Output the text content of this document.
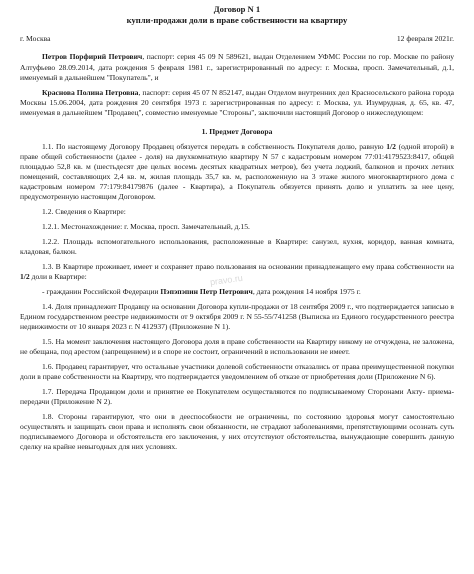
Договор N 1
купли-продажи доли в праве собственности на квартиру
г. Москва	12 февраля 2021г.

Петров Порфирий Петрович, паспорт: серия 45 09 N 589621, выдан Отделением УФМС России по гор. Москве по району Алтуфьево 28.09.2014, дата рождения 5 февраля 1981 г., зарегистрированный по адресу: г. Москва, просп. Замечательный, д.1, именуемый в дальнейшем "Покупатель", и

Краснова Полина Петровна, паспорт: серия 45 07 N 852147, выдан Отделом внутренних дел Красносельского района города Москвы 15.06.2004, дата рождения 20 сентября 1973 г. зарегистрированная по адресу: г. Москва, ул. Изумрудная, д. 65, кв. 47, именуемая в дальнейшем "Продавец", совместно именуемые "Стороны", заключили настоящий Договор о нижеследующем:

1. Предмет Договора

1.1. По настоящему Договору Продавец обязуется передать в собственность Покупателя долю, равную 1/2 (одной второй) в праве общей собственности (далее - доля) на двухкомнатную квартиру N 57 с кадастровым номером 77:01:4179523:8417, общей площадью 52,8 кв. м (шестьдесят две целых восемь десятых квадратных метров), без учета лоджий, балконов и прочих летних помещений, составляющих 2,4 кв. м, жилая площадь 35,7 кв. м, расположенную на 3 этаже жилого многоквартирного дома с кадастровым номером 77:179:84179876 (далее - Квартира), а Покупатель обязуется принять долю и уплатить за нее цену, предусмотренную настоящим Договором.

1.2. Сведения о Квартире:

1.2.1. Местонахождение: г. Москва, просп. Замечательный, д.15.

1.2.2. Площадь вспомогательного использования, расположенные в Квартире: санузел, кухня, коридор, ванная комната, кладовая, балкон.

1.3. В Квартире проживает, имеет и сохраняет право пользования на основании принадлежащего ему права собственности на 1/2 доли в Квартире:

- гражданин Российской Федерации Пэпэпэпин Петр Петрович, дата рождения 14 ноября 1975 г.

1.4. Доля принадлежит Продавцу на основании Договора купли-продажи от 18 сентября 2009 г., что подтверждается записью в Едином государственном реестре недвижимости от 9 октября 2009 г. N 55-55/741258 (Выписка из Единого государственного реестра недвижимости от 10 января 2023 г. N 412937) (Приложение N 1).

1.5. На момент заключения настоящего Договора доля в праве собственности на Квартиру никому не отчуждена, не заложена, не обещана, под арестом (запрещением) и в споре не состоит, ограничений в использовании не имеет.

1.6. Продавец гарантирует, что остальные участники долевой собственности отказались от права преимущественной покупки доли в праве собственности на Квартиру, что подтверждается уведомлением об отказе от приобретения доли (Приложение N 6).

1.7. Передача Продавцом доли и принятие ее Покупателем осуществляются по подписываемому Сторонами Акту- приема-передачи (Приложение N 2).

1.8. Стороны гарантируют, что они в дееспособности не ограничены, по состоянию здоровья могут самостоятельно осуществлять и защищать свои права и исполнять свои обязанности, не страдают заболеваниями, препятствующими осознать суть подписываемого Договора и обстоятельств его заключения, у них отсутствуют обстоятельства, вынуждающие совершить данную сделку на крайне невыгодных для них условиях.

pravo.ru
